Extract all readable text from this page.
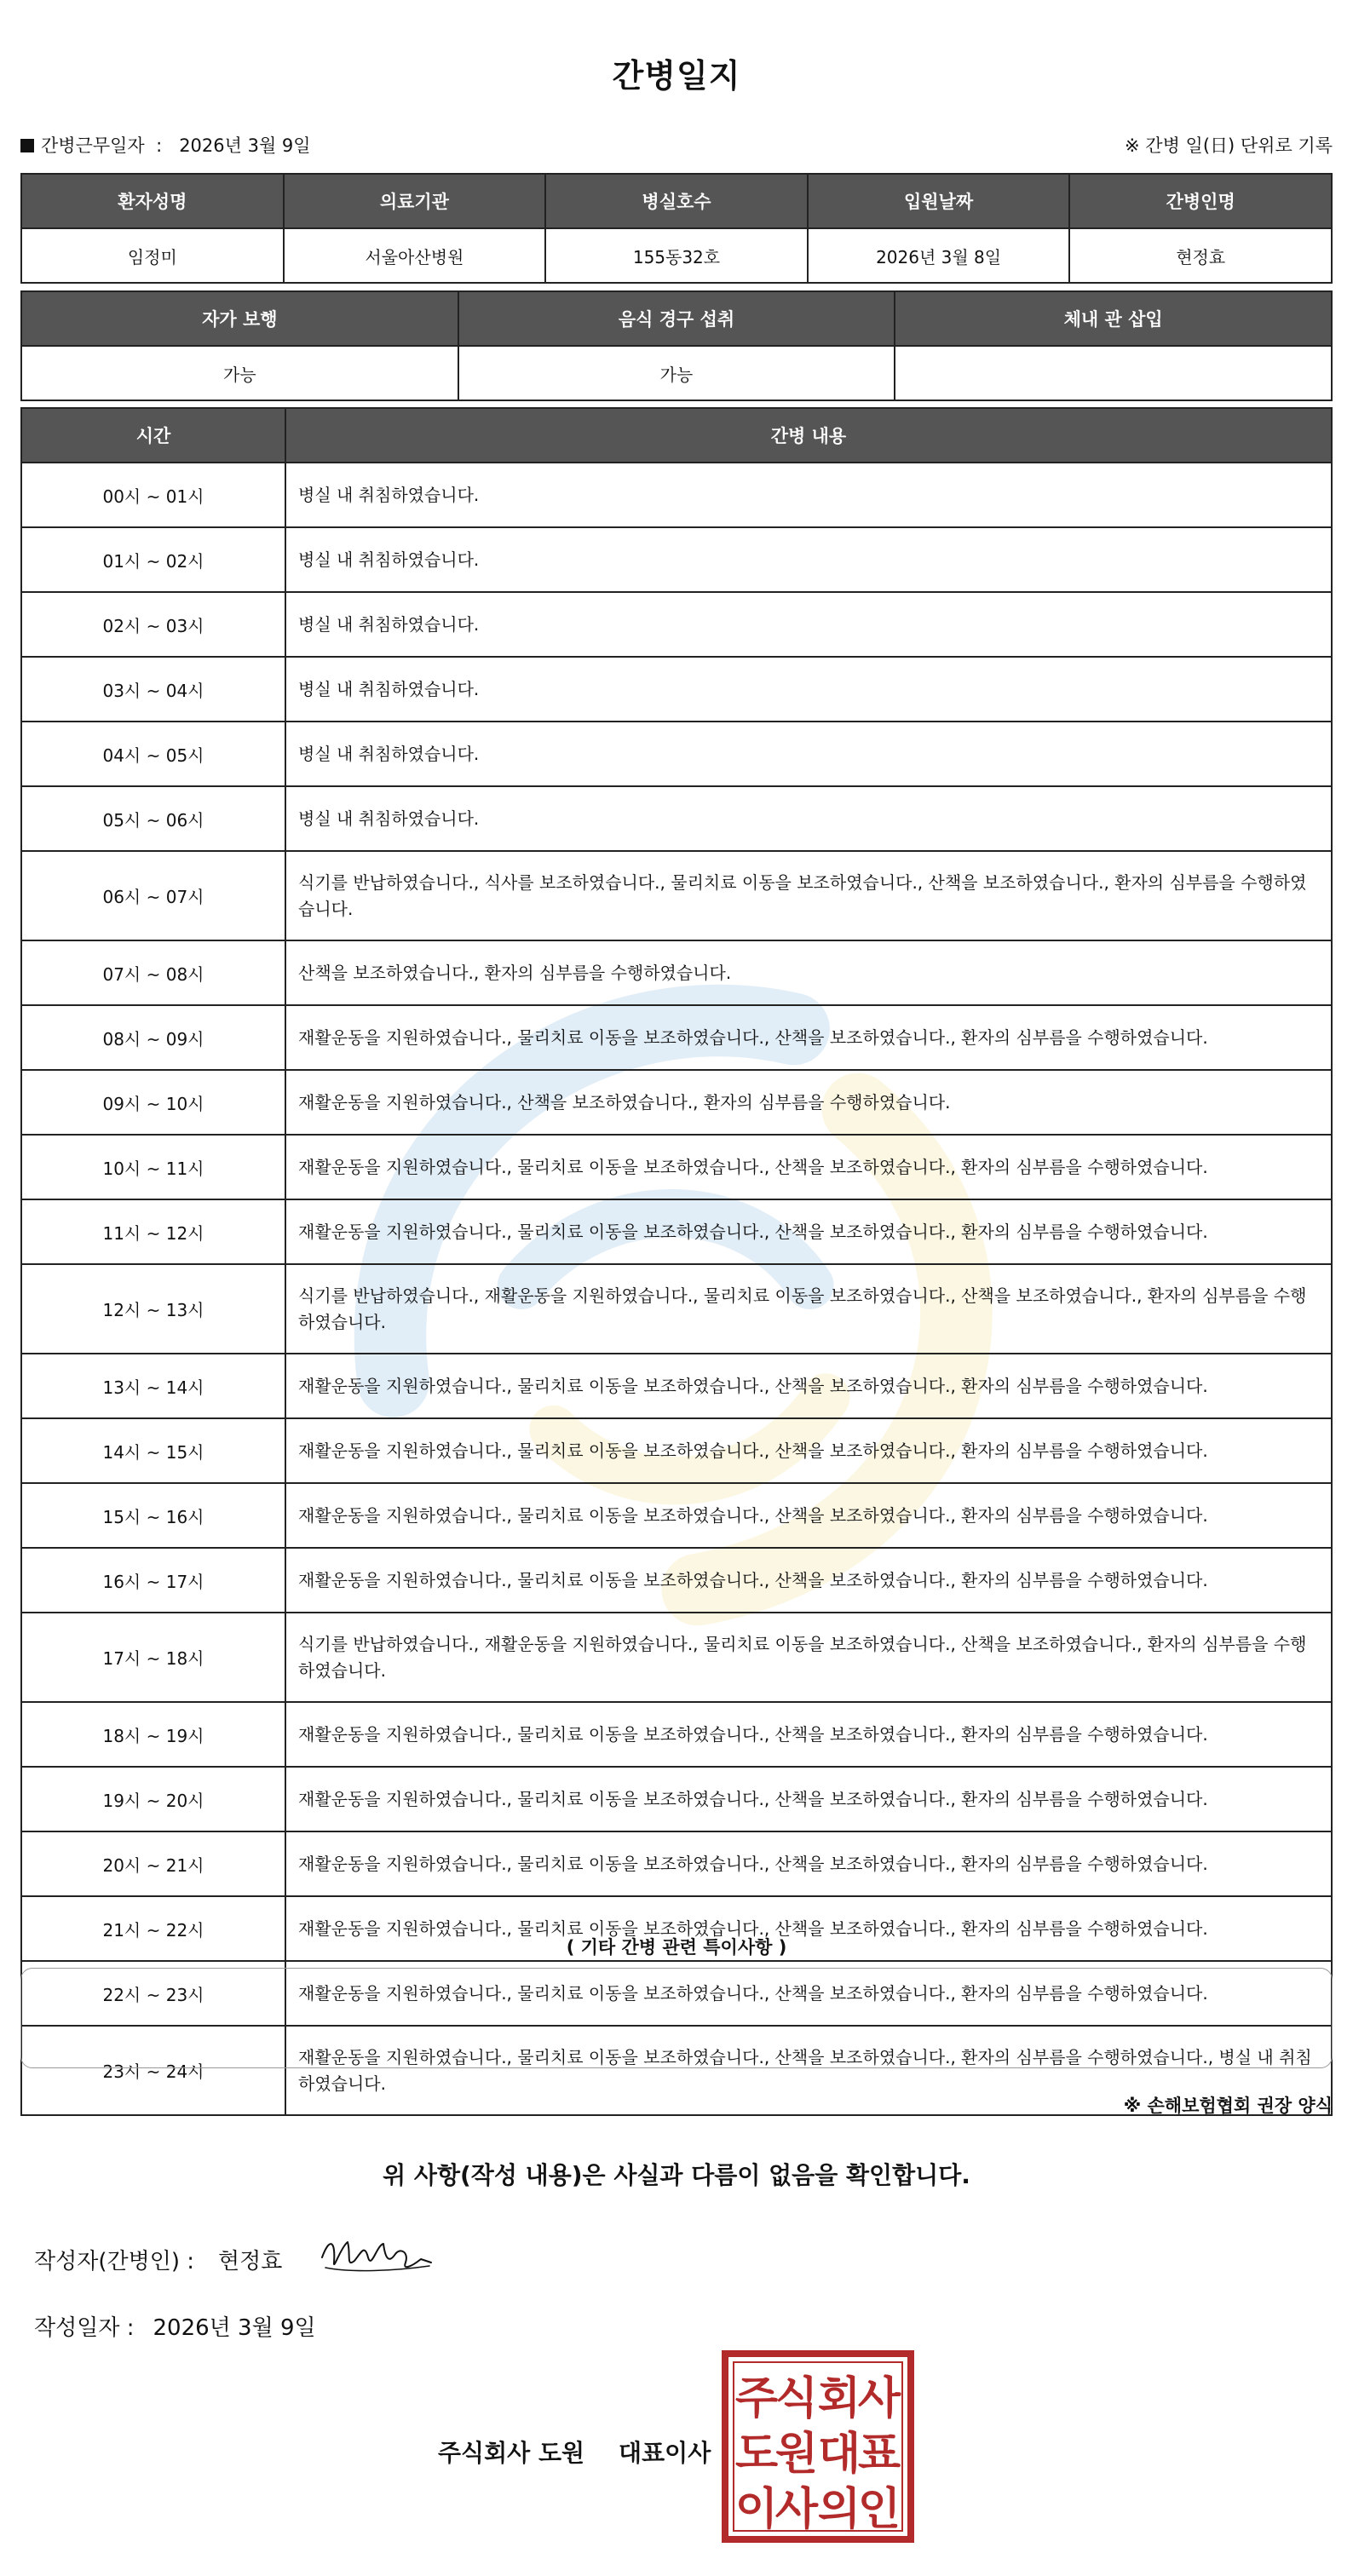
간병일지
간병근무일자 : 2026년 3월 9일	※ 간병 일(日) 단위로 기록
환자성명	의료기관	병실호수	입원날짜	간병인명
임정미	서울아산병원	155동32호	2026년 3월 8일	현정효
자가 보행	음식 경구 섭취	체내 관 삽입
가능	가능	
시간	간병 내용
00시 ~ 01시	병실 내 취침하였습니다.
01시 ~ 02시	병실 내 취침하였습니다.
02시 ~ 03시	병실 내 취침하였습니다.
03시 ~ 04시	병실 내 취침하였습니다.
04시 ~ 05시	병실 내 취침하였습니다.
05시 ~ 06시	병실 내 취침하였습니다.
06시 ~ 07시	식기를 반납하였습니다., 식사를 보조하였습니다., 물리치료 이동을 보조하였습니다., 산책을 보조하였습니다., 환자의 심부름을 수행하였습니다.
07시 ~ 08시	산책을 보조하였습니다., 환자의 심부름을 수행하였습니다.
08시 ~ 09시	재활운동을 지원하였습니다., 물리치료 이동을 보조하였습니다., 산책을 보조하였습니다., 환자의 심부름을 수행하였습니다.
09시 ~ 10시	재활운동을 지원하였습니다., 산책을 보조하였습니다., 환자의 심부름을 수행하였습니다.
10시 ~ 11시	재활운동을 지원하였습니다., 물리치료 이동을 보조하였습니다., 산책을 보조하였습니다., 환자의 심부름을 수행하였습니다.
11시 ~ 12시	재활운동을 지원하였습니다., 물리치료 이동을 보조하였습니다., 산책을 보조하였습니다., 환자의 심부름을 수행하였습니다.
12시 ~ 13시	식기를 반납하였습니다., 재활운동을 지원하였습니다., 물리치료 이동을 보조하였습니다., 산책을 보조하였습니다., 환자의 심부름을 수행하였습니다.
13시 ~ 14시	재활운동을 지원하였습니다., 물리치료 이동을 보조하였습니다., 산책을 보조하였습니다., 환자의 심부름을 수행하였습니다.
14시 ~ 15시	재활운동을 지원하였습니다., 물리치료 이동을 보조하였습니다., 산책을 보조하였습니다., 환자의 심부름을 수행하였습니다.
15시 ~ 16시	재활운동을 지원하였습니다., 물리치료 이동을 보조하였습니다., 산책을 보조하였습니다., 환자의 심부름을 수행하였습니다.
16시 ~ 17시	재활운동을 지원하였습니다., 물리치료 이동을 보조하였습니다., 산책을 보조하였습니다., 환자의 심부름을 수행하였습니다.
17시 ~ 18시	식기를 반납하였습니다., 재활운동을 지원하였습니다., 물리치료 이동을 보조하였습니다., 산책을 보조하였습니다., 환자의 심부름을 수행하였습니다.
18시 ~ 19시	재활운동을 지원하였습니다., 물리치료 이동을 보조하였습니다., 산책을 보조하였습니다., 환자의 심부름을 수행하였습니다.
19시 ~ 20시	재활운동을 지원하였습니다., 물리치료 이동을 보조하였습니다., 산책을 보조하였습니다., 환자의 심부름을 수행하였습니다.
20시 ~ 21시	재활운동을 지원하였습니다., 물리치료 이동을 보조하였습니다., 산책을 보조하였습니다., 환자의 심부름을 수행하였습니다.
21시 ~ 22시	재활운동을 지원하였습니다., 물리치료 이동을 보조하였습니다., 산책을 보조하였습니다., 환자의 심부름을 수행하였습니다.
22시 ~ 23시	재활운동을 지원하였습니다., 물리치료 이동을 보조하였습니다., 산책을 보조하였습니다., 환자의 심부름을 수행하였습니다.
23시 ~ 24시	재활운동을 지원하였습니다., 물리치료 이동을 보조하였습니다., 산책을 보조하였습니다., 환자의 심부름을 수행하였습니다., 병실 내 취침하였습니다.
( 기타 간병 관련 특이사항 )
※ 손해보험협회 권장 양식
위 사항(작성 내용)은 사실과 다름이 없음을 확인합니다.
작성자(간병인) : 현정효
작성일자 : 2026년 3월 9일
주식회사 도원 대표이사
주
식 회
사
도
원 대
표
이
사 의
인
